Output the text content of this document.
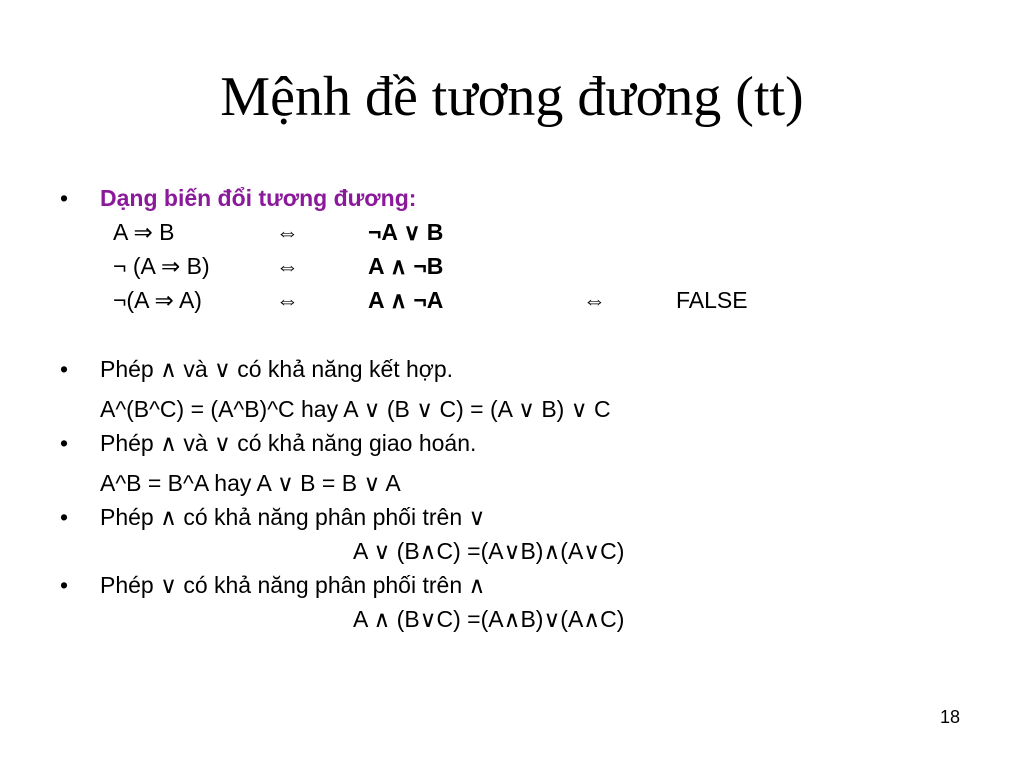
Mệnh đề tương đương (tt)
• Dạng biến đổi tương đương:
A ⇒ B	⇔	¬A ∨ B
¬ (A ⇒ B)	⇔	A ∧ ¬B
¬(A ⇒ A)	⇔	A ∧ ¬A	⇔	FALSE
• Phép ∧ và ∨ có khả năng kết hợp.
A^(B^C) = (A^B)^C hay A ∨ (B ∨ C) = (A ∨ B) ∨ C
• Phép ∧ và ∨ có khả năng giao hoán.
A^B = B^A hay A ∨ B = B ∨ A
• Phép ∧ có khả năng phân phối trên ∨
A ∨ (B∧C) =(A∨B)∧(A∨C)
• Phép ∨ có khả năng phân phối trên ∧
A ∧ (B∨C) =(A∧B)∨(A∧C)
18
